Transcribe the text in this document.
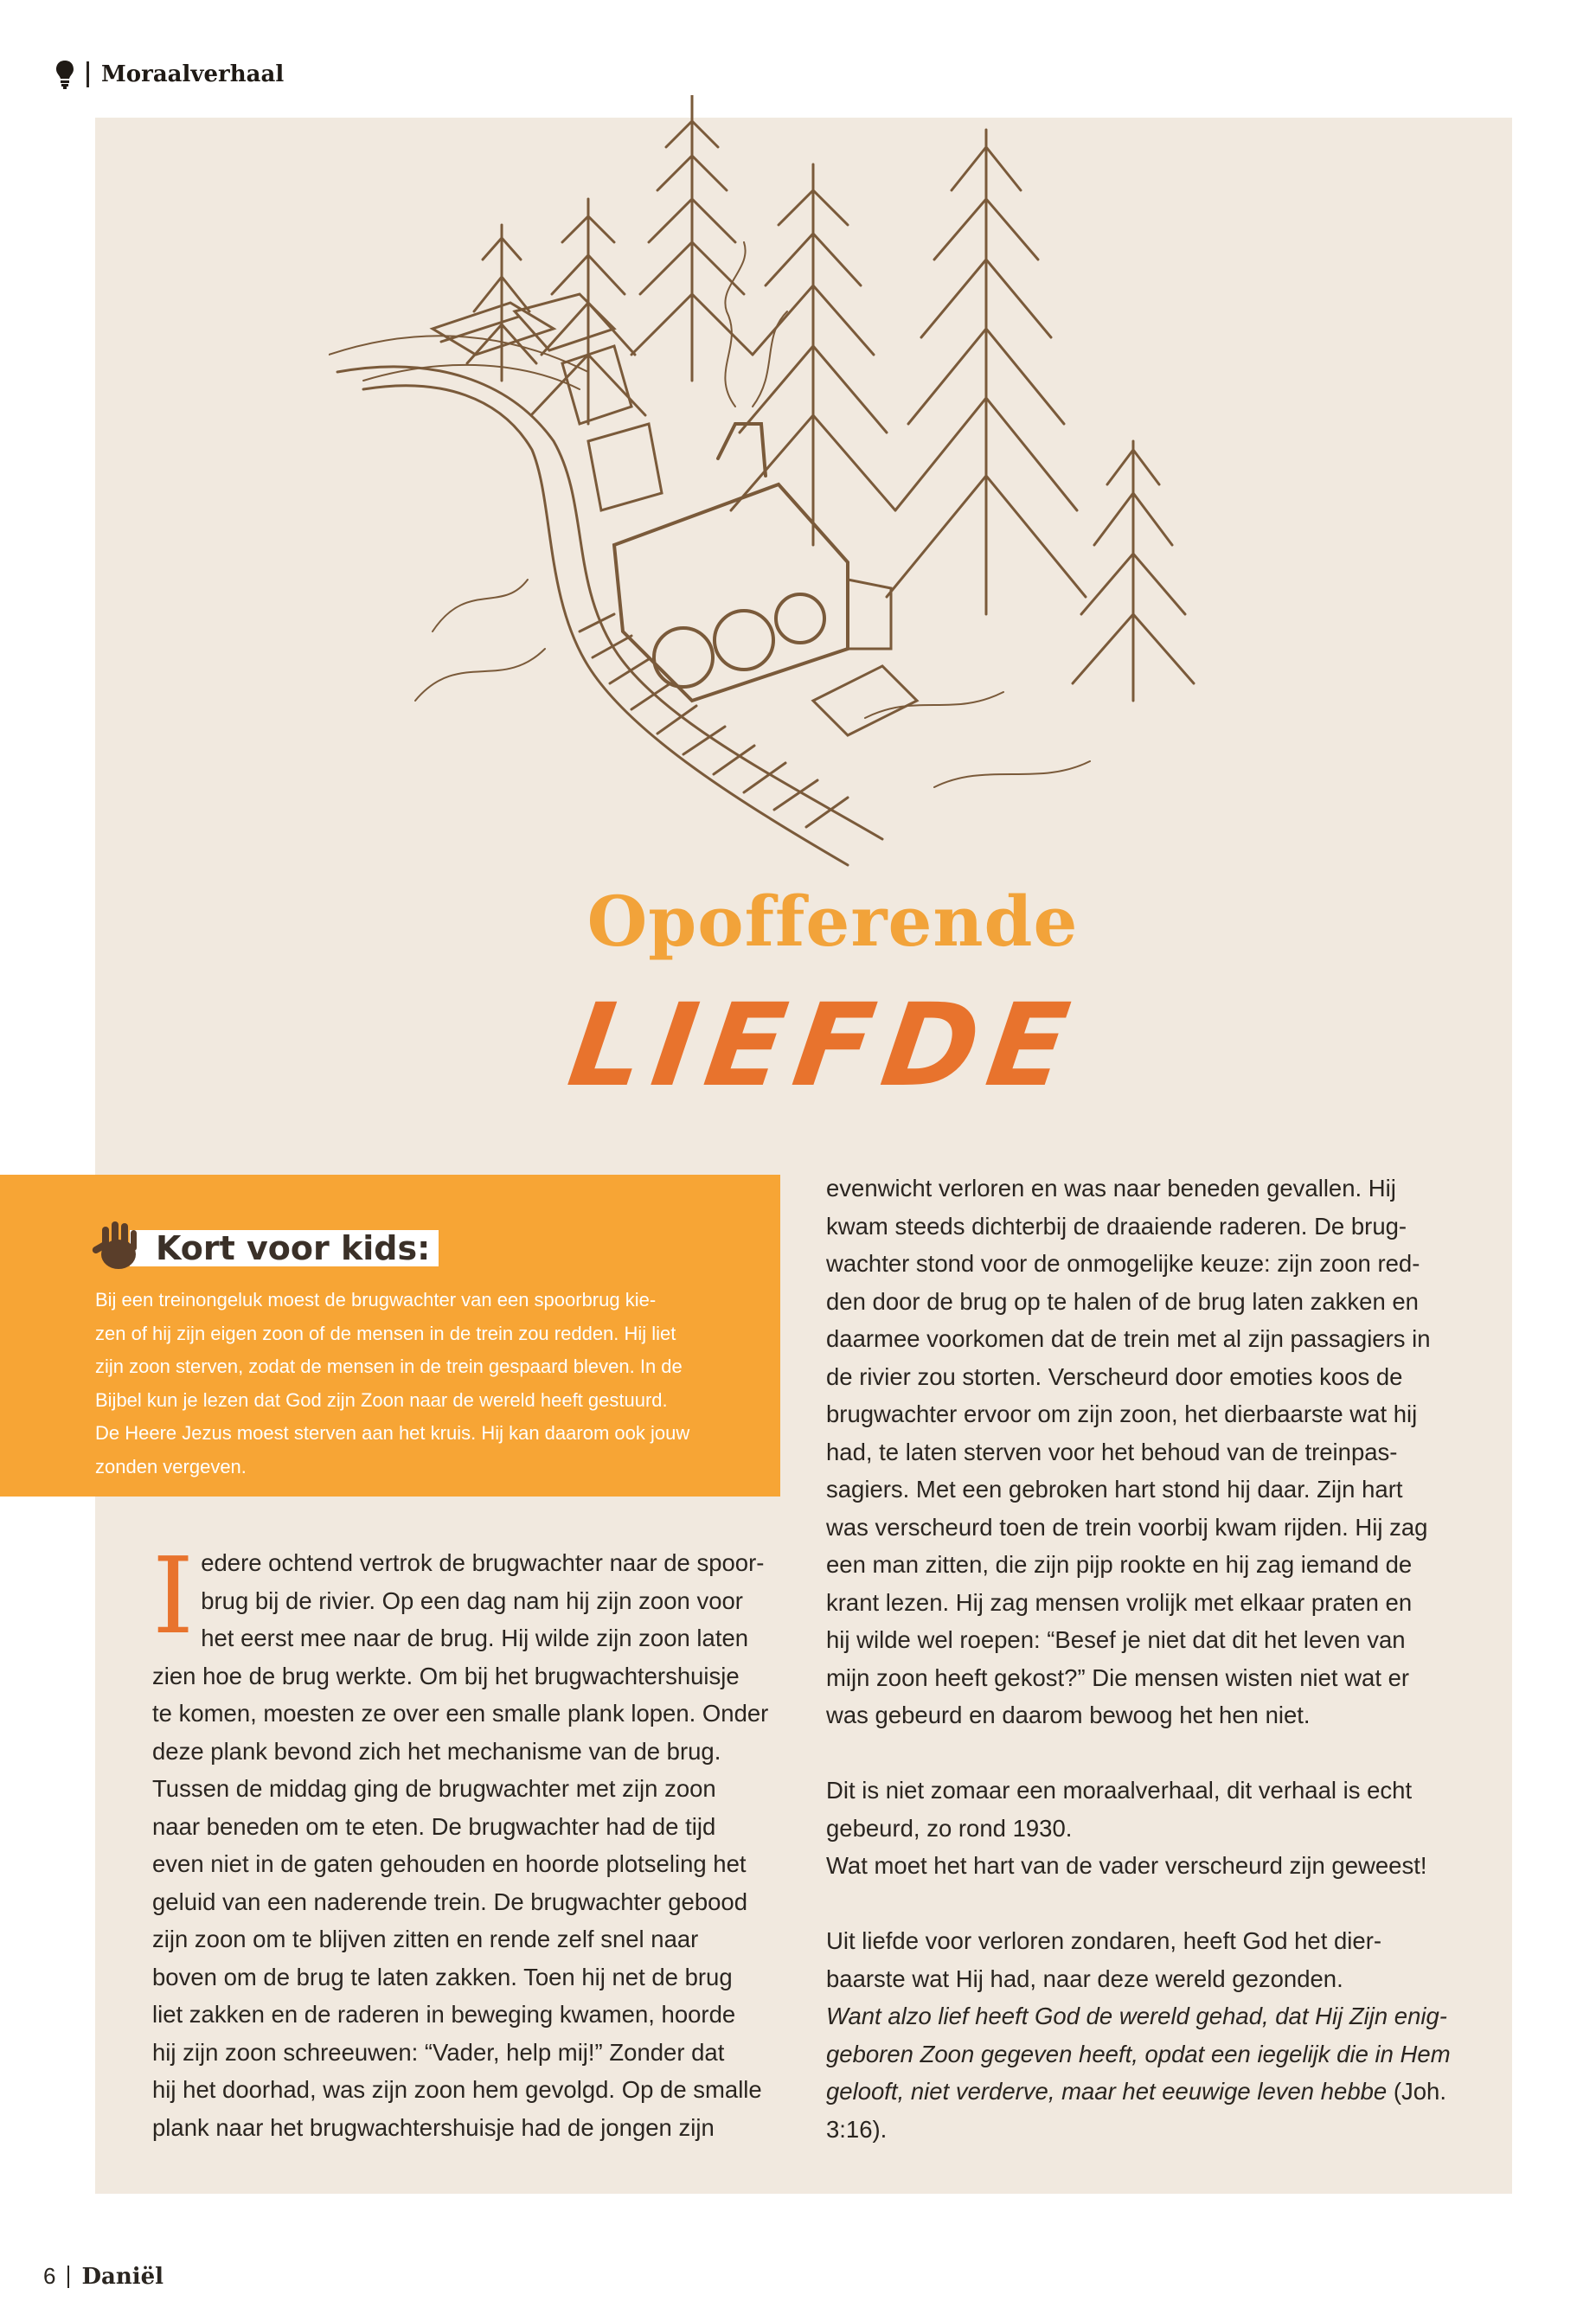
Moraalverhaal
Opofferende
LIEFDE
Kort voor kids:
Bij een treinongeluk moest de brugwachter van een spoorbrug kie-
zen of hij zijn eigen zoon of de mensen in de trein zou redden. Hij liet
zijn zoon sterven, zodat de mensen in de trein gespaard bleven. In de
Bijbel kun je lezen dat God zijn Zoon naar de wereld heeft gestuurd.
De Heere Jezus moest sterven aan het kruis. Hij kan daarom ook jouw
zonden vergeven.
I edere ochtend vertrok de brugwachter naar de spoor-
brug bij de rivier. Op een dag nam hij zijn zoon voor
het eerst mee naar de brug. Hij wilde zijn zoon laten
zien hoe de brug werkte. Om bij het brugwachtershuisje
te komen, moesten ze over een smalle plank lopen. Onder
deze plank bevond zich het mechanisme van de brug.
Tussen de middag ging de brugwachter met zijn zoon
naar beneden om te eten. De brugwachter had de tijd
even niet in de gaten gehouden en hoorde plotseling het
geluid van een naderende trein. De brugwachter gebood
zijn zoon om te blijven zitten en rende zelf snel naar
boven om de brug te laten zakken. Toen hij net de brug
liet zakken en de raderen in beweging kwamen, hoorde
hij zijn zoon schreeuwen: “Vader, help mij!” Zonder dat
hij het doorhad, was zijn zoon hem gevolgd. Op de smalle
plank naar het brugwachtershuisje had de jongen zijn
evenwicht verloren en was naar beneden gevallen. Hij
kwam steeds dichterbij de draaiende raderen. De brug-
wachter stond voor de onmogelijke keuze: zijn zoon red-
den door de brug op te halen of de brug laten zakken en
daarmee voorkomen dat de trein met al zijn passagiers in
de rivier zou storten. Verscheurd door emoties koos de
brugwachter ervoor om zijn zoon, het dierbaarste wat hij
had, te laten sterven voor het behoud van de treinpas-
sagiers. Met een gebroken hart stond hij daar. Zijn hart
was verscheurd toen de trein voorbij kwam rijden. Hij zag
een man zitten, die zijn pijp rookte en hij zag iemand de
krant lezen. Hij zag mensen vrolijk met elkaar praten en
hij wilde wel roepen: “Besef je niet dat dit het leven van
mijn zoon heeft gekost?” Die mensen wisten niet wat er
was gebeurd en daarom bewoog het hen niet.
Dit is niet zomaar een moraalverhaal, dit verhaal is echt
gebeurd, zo rond 1930.
Wat moet het hart van de vader verscheurd zijn geweest!
Uit liefde voor verloren zondaren, heeft God het dier-
baarste wat Hij had, naar deze wereld gezonden.
Want alzo lief heeft God de wereld gehad, dat Hij Zijn enig-
geboren Zoon gegeven heeft, opdat een iegelijk die in Hem
gelooft, niet verderve, maar het eeuwige leven hebbe (Joh.
3:16).
6 Daniël
